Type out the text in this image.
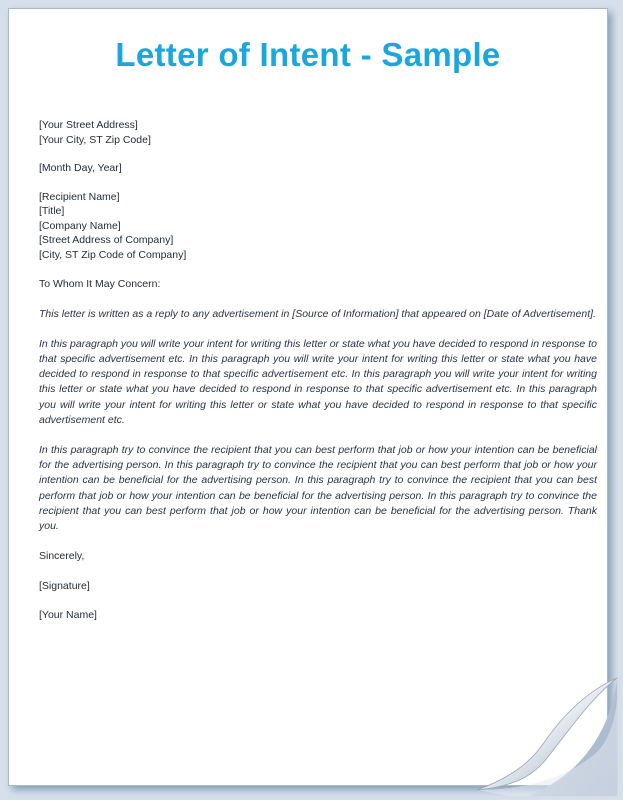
Letter of Intent - Sample
[Your Street Address]
[Your City, ST Zip Code]
[Month Day, Year]
[Recipient Name]
[Title]
[Company Name]
[Street Address of Company]
[City, ST Zip Code of Company]

To Whom It May Concern:

This letter is written as a reply to any advertisement in [Source of Information] that appeared on [Date of Advertisement].

In this paragraph you will write your intent for writing this letter or state what you have decided to respond in response to that specific advertisement etc. In this paragraph you will write your intent for writing this letter or state what you have decided to respond in response to that specific advertisement etc. In this paragraph you will write your intent for writing this letter or state what you have decided to respond in response to that specific advertisement etc. In this paragraph you will write your intent for writing this letter or state what you have decided to respond in response to that specific advertisement etc.

In this paragraph try to convince the recipient that you can best perform that job or how your intention can be beneficial for the advertising person. In this paragraph try to convince the recipient that you can best perform that job or how your intention can be beneficial for the advertising person. In this paragraph try to convince the recipient that you can best perform that job or how your intention can be beneficial for the advertising person. In this paragraph try to convince the recipient that you can best perform that job or how your intention can be beneficial for the advertising person. Thank you.

Sincerely,
[Signature]
[Your Name]
